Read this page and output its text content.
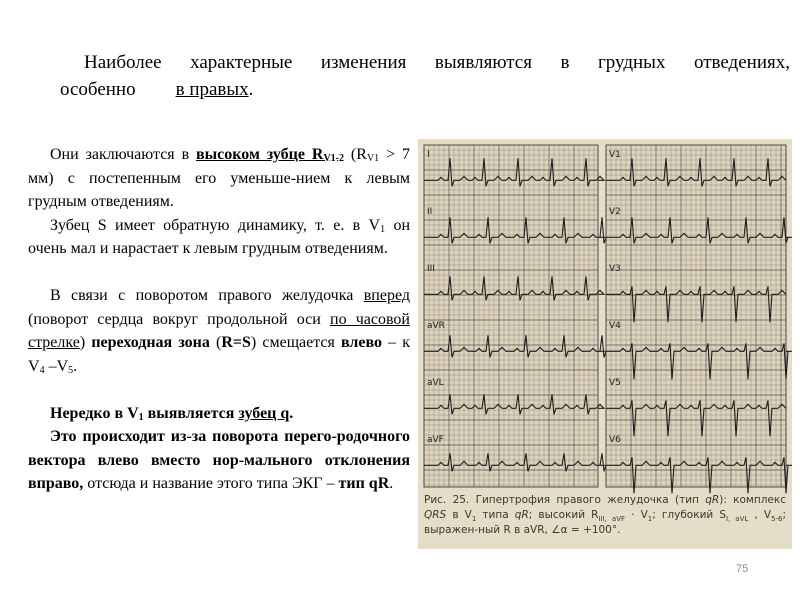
Наиболее характерные изменения выявляются в грудных отведениях,
особенно в правых.

Они заключаются в высоком зубце $R_{V1-2}$ ($R_{V1} > 7$ мм) с постепенным его уменьше-нием к левым грудным отведениям.

Зубец S имеет обратную динамику, т. е. в $V_1$ он очень мал и нарастает к левым грудным отведениям.

В связи с поворотом правого желудочка вперед (поворот сердца вокруг продольной оси по часовой стрелке) переходная зона (R=S) смещается влево – к $V_4$ $-V_5$.

Нередко в $V_1$ выявляется зубец q.

Это происходит из-за поворота перего-родочного вектора влево вместо нор-мального отклонения вправо, отсюда и название этого типа ЭКГ – тип qR.

I
II
III
aVR
aVL
aVF
V1
V2
V3
V4
V5
V6
Рис. 25. Гипертрофия правого желудочка (тип qR): комплекс QRS в $V_1$ типа qR; высокий $R_{III, aVF} \cdot V_1$; глубокий $S_{I, aVL}$ , $V_{5-6}$; выражен-ный R в aVR, ∠α = +100°.
75
